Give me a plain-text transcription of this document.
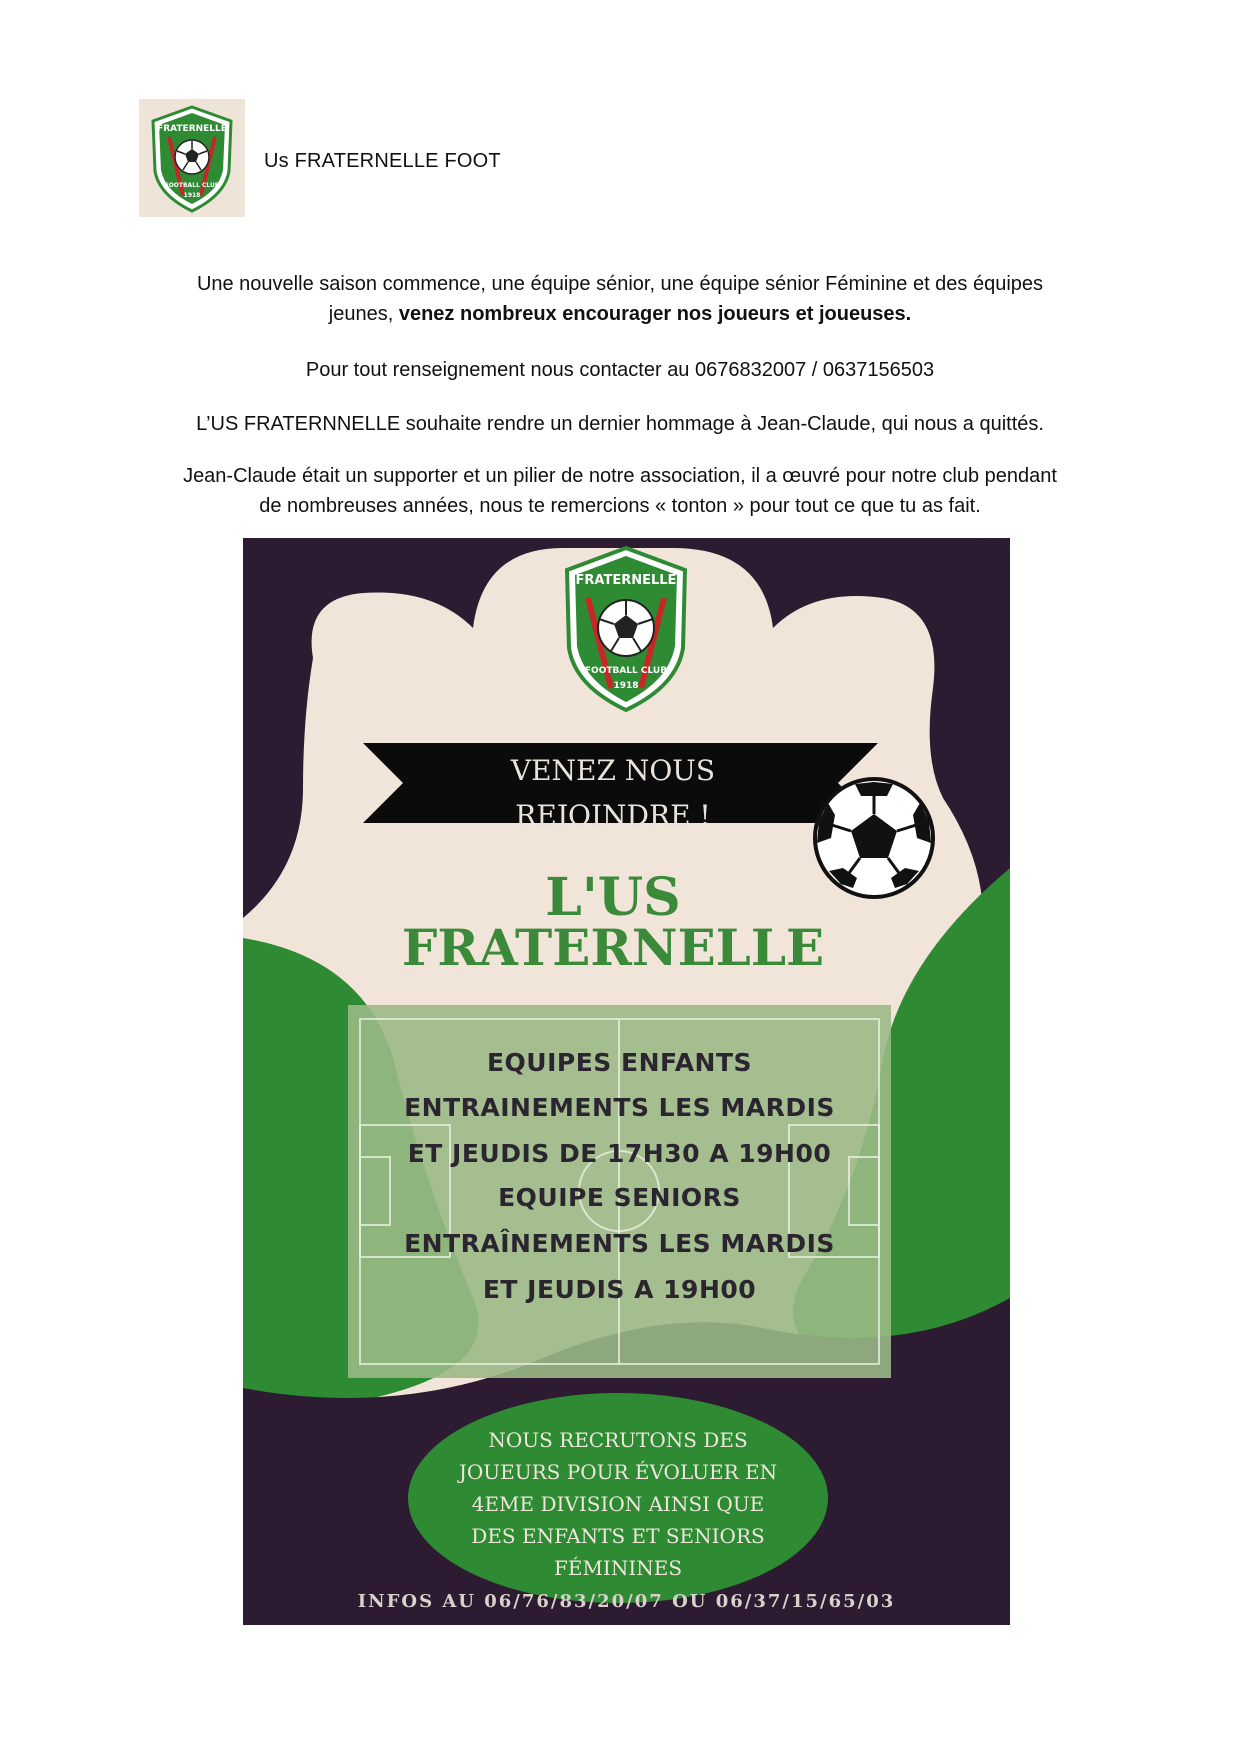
FRATERNELLE
FOOTBALL CLUB
1918
Us FRATERNELLE FOOT
Une nouvelle saison commence, une équipe sénior, une équipe sénior Féminine et des équipes
jeunes, venez nombreux encourager nos joueurs et joueuses.
Pour tout renseignement nous contacter au 0676832007 / 0637156503
L’US FRATERNNELLE souhaite rendre un dernier hommage à Jean-Claude, qui nous a quittés.
Jean-Claude était un supporter et un pilier de notre association, il a œuvré pour notre club pendant
de nombreuses années, nous te remercions « tonton » pour tout ce que tu as fait.
FRATERNELLE
FOOTBALL CLUB
1918
VENEZ NOUS
REJOINDRE !
L'US
FRATERNELLE
EQUIPES ENFANTS
ENTRAINEMENTS LES MARDIS
ET JEUDIS DE 17H30 A 19H00
EQUIPE SENIORS
ENTRAÎNEMENTS LES MARDIS
ET JEUDIS A 19H00
NOUS RECRUTONS DES
JOUEURS POUR ÉVOLUER EN
4EME DIVISION AINSI QUE
DES ENFANTS ET SENIORS
FÉMININES
INFOS AU 06/76/83/20/07 OU 06/37/15/65/03
